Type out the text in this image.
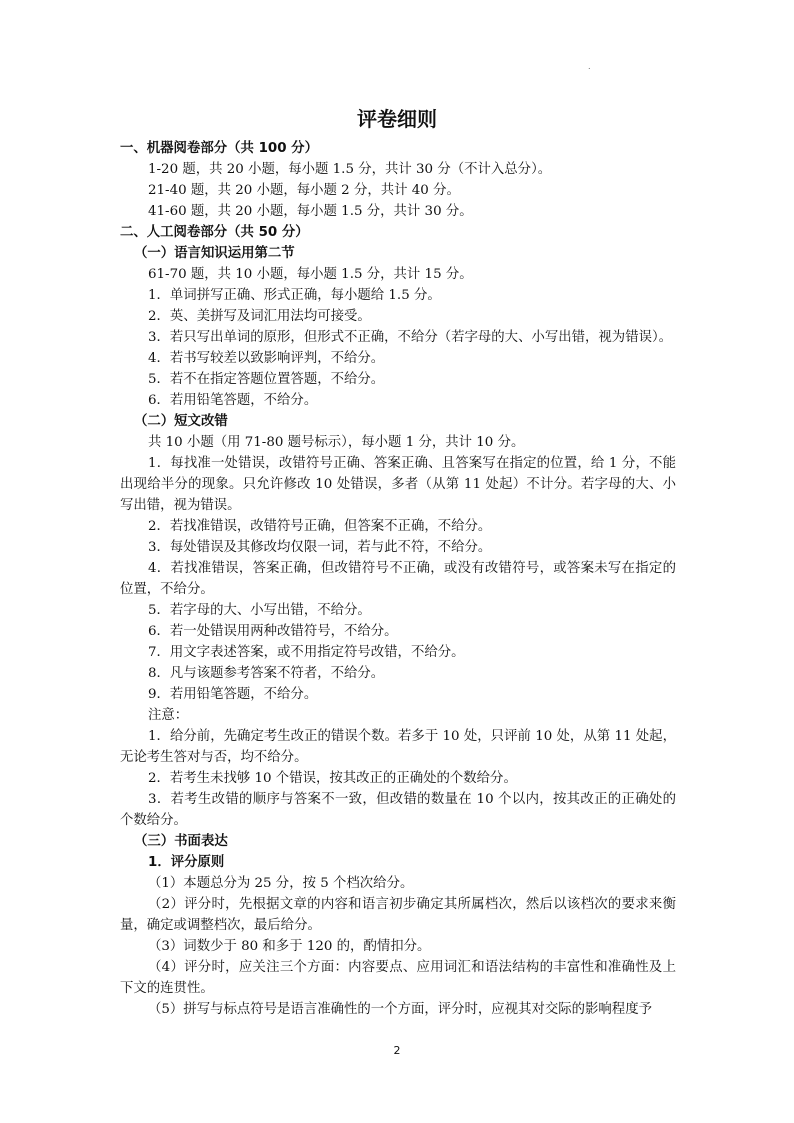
.
评卷细则

一、机器阅卷部分（共 100 分）

1-20 题，共 20 小题，每小题 1.5 分，共计 30 分（不计入总分）。

21-40 题，共 20 小题，每小题 2 分，共计 40 分。

41-60 题，共 20 小题，每小题 1.5 分，共计 30 分。

二、人工阅卷部分（共 50 分）

（一）语言知识运用第二节

61-70 题，共 10 小题，每小题 1.5 分，共计 15 分。

1．单词拼写正确、形式正确，每小题给 1.5 分。

2．英、美拼写及词汇用法均可接受。

3．若只写出单词的原形，但形式不正确，不给分（若字母的大、小写出错，视为错误）。

4．若书写较差以致影响评判，不给分。

5．若不在指定答题位置答题，不给分。

6．若用铅笔答题，不给分。

（二）短文改错

共 10 小题（用 71-80 题号标示），每小题 1 分，共计 10 分。

1．每找准一处错误，改错符号正确、答案正确、且答案写在指定的位置，给 1 分，不能出现给半分的现象。只允许修改 10 处错误，多者（从第 11 处起）不计分。若字母的大、小写出错，视为错误。

2．若找准错误，改错符号正确，但答案不正确，不给分。

3．每处错误及其修改均仅限一词，若与此不符，不给分。

4．若找准错误，答案正确，但改错符号不正确，或没有改错符号，或答案未写在指定的位置，不给分。

5．若字母的大、小写出错，不给分。

6．若一处错误用两种改错符号，不给分。

7．用文字表述答案，或不用指定符号改错，不给分。

8．凡与该题参考答案不符者，不给分。

9．若用铅笔答题，不给分。

注意：

1．给分前，先确定考生改正的错误个数。若多于 10 处，只评前 10 处，从第 11 处起，无论考生答对与否，均不给分。

2．若考生未找够 10 个错误，按其改正的正确处的个数给分。

3．若考生改错的顺序与答案不一致，但改错的数量在 10 个以内，按其改正的正确处的个数给分。

（三）书面表达

1．评分原则

（1）本题总分为 25 分，按 5 个档次给分。

（2）评分时，先根据文章的内容和语言初步确定其所属档次，然后以该档次的要求来衡量，确定或调整档次，最后给分。

（3）词数少于 80 和多于 120 的，酌情扣分。

（4）评分时，应关注三个方面：内容要点、应用词汇和语法结构的丰富性和准确性及上下文的连贯性。

（5）拼写与标点符号是语言准确性的一个方面，评分时，应视其对交际的影响程度予

2
